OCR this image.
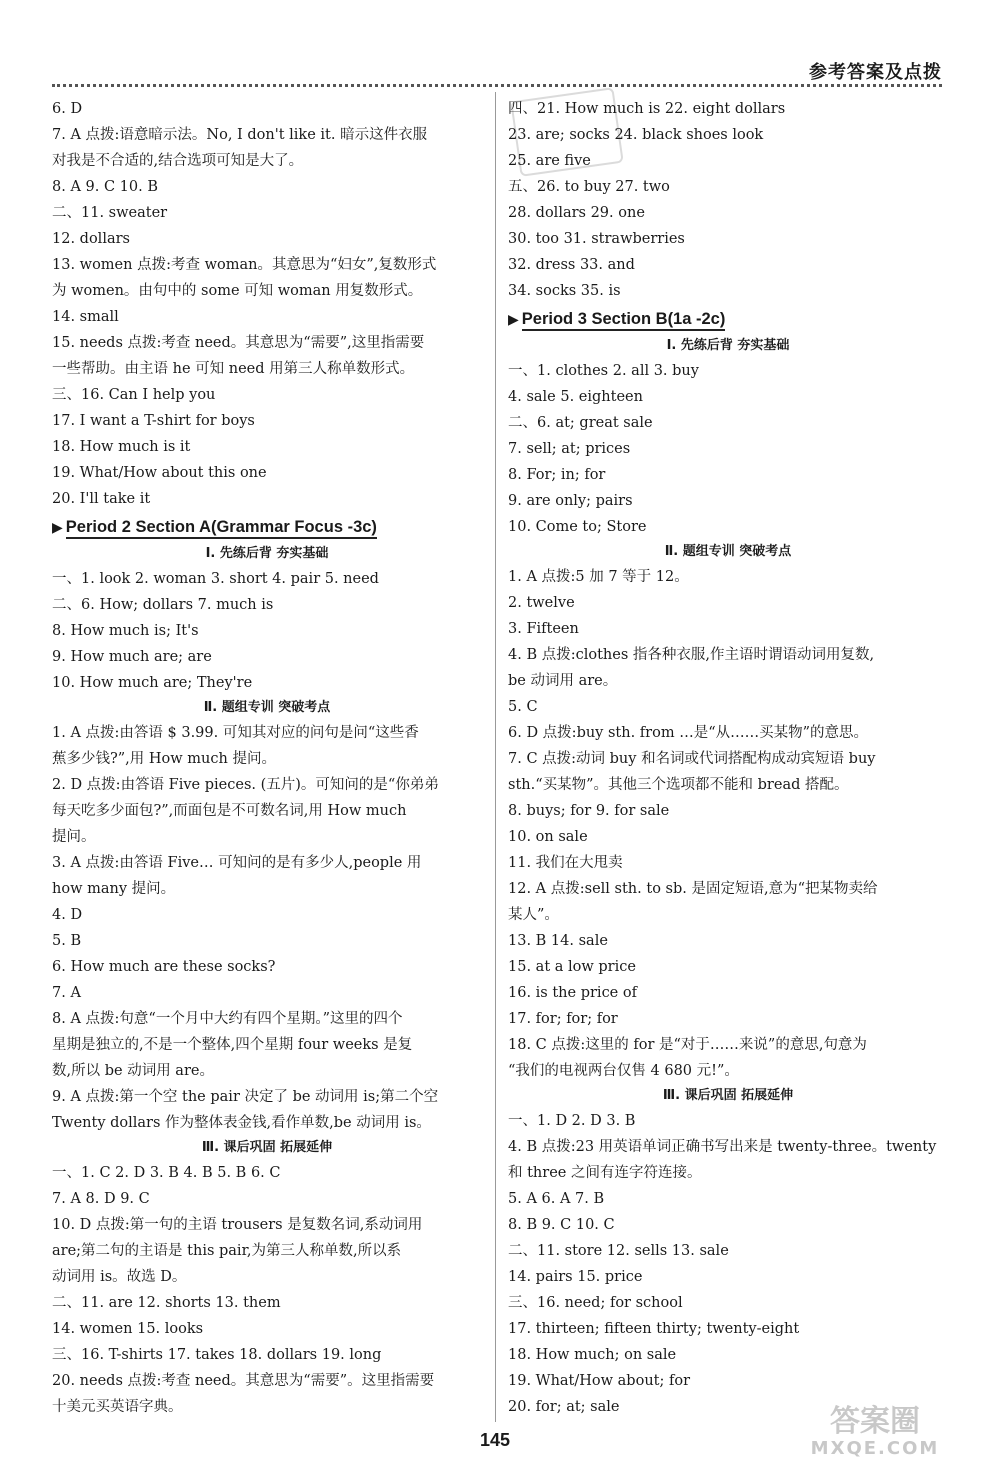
参考答案及点拨
6. D
7. A 点拨:语意暗示法。No, I don't like it. 暗示这件衣服
对我是不合适的,结合选项可知是大了。
8. A 9. C 10. B
二、11. sweater
12. dollars
13. women 点拨:考查 woman。其意思为“妇女”,复数形式
为 women。由句中的 some 可知 woman 用复数形式。
14. small
15. needs 点拨:考查 need。其意思为“需要”,这里指需要
一些帮助。由主语 he 可知 need 用第三人称单数形式。
三、16. Can I help you
17. I want a T-shirt for boys
18. How much is it
19. What/How about this one
20. I'll take it
▶ Period 2 Section A(Grammar Focus -3c)
Ⅰ. 先练后背 夯实基础
一、1. look 2. woman 3. short 4. pair 5. need
二、6. How; dollars 7. much is
8. How much is; It's
9. How much are; are
10. How much are; They're
Ⅱ. 题组专训 突破考点
1. A 点拨:由答语 $ 3.99. 可知其对应的问句是问“这些香
蕉多少钱?”,用 How much 提问。
2. D 点拨:由答语 Five pieces. (五片)。可知问的是“你弟弟
每天吃多少面包?”,而面包是不可数名词,用 How much
提问。
3. A 点拨:由答语 Five… 可知问的是有多少人,people 用
how many 提问。
4. D
5. B
6. How much are these socks?
7. A
8. A 点拨:句意“一个月中大约有四个星期。”这里的四个
星期是独立的,不是一个整体,四个星期 four weeks 是复
数,所以 be 动词用 are。
9. A 点拨:第一个空 the pair 决定了 be 动词用 is;第二个空
Twenty dollars 作为整体表金钱,看作单数,be 动词用 is。
Ⅲ. 课后巩固 拓展延伸
一、1. C 2. D 3. B 4. B 5. B 6. C
7. A 8. D 9. C
10. D 点拨:第一句的主语 trousers 是复数名词,系动词用
are;第二句的主语是 this pair,为第三人称单数,所以系
动词用 is。故选 D。
二、11. are 12. shorts 13. them
14. women 15. looks
三、16. T-shirts 17. takes 18. dollars 19. long
20. needs 点拨:考查 need。其意思为“需要”。这里指需要
十美元买英语字典。
四、21. How much is 22. eight dollars
23. are; socks 24. black shoes look
25. are five
五、26. to buy 27. two
28. dollars 29. one
30. too 31. strawberries
32. dress 33. and
34. socks 35. is
▶ Period 3 Section B(1a -2c)
Ⅰ. 先练后背 夯实基础
一、1. clothes 2. all 3. buy
4. sale 5. eighteen
二、6. at; great sale
7. sell; at; prices
8. For; in; for
9. are only; pairs
10. Come to; Store
Ⅱ. 题组专训 突破考点
1. A 点拨:5 加 7 等于 12。
2. twelve
3. Fifteen
4. B 点拨:clothes 指各种衣服,作主语时谓语动词用复数,
be 动词用 are。
5. C
6. D 点拨:buy sth. from …是“从……买某物”的意思。
7. C 点拨:动词 buy 和名词或代词搭配构成动宾短语 buy
sth.“买某物”。其他三个选项都不能和 bread 搭配。
8. buys; for 9. for sale
10. on sale
11. 我们在大甩卖
12. A 点拨:sell sth. to sb. 是固定短语,意为“把某物卖给
某人”。
13. B 14. sale
15. at a low price
16. is the price of
17. for; for; for
18. C 点拨:这里的 for 是“对于……来说”的意思,句意为
“我们的电视两台仅售 4 680 元!”。
Ⅲ. 课后巩固 拓展延伸
一、1. D 2. D 3. B
4. B 点拨:23 用英语单词正确书写出来是 twenty-three。twenty
和 three 之间有连字符连接。
5. A 6. A 7. B
8. B 9. C 10. C
二、11. store 12. sells 13. sale
14. pairs 15. price
三、16. need; for school
17. thirteen; fifteen thirty; twenty-eight
18. How much; on sale
19. What/How about; for
20. for; at; sale
145
答案圈
MXQE.COM
